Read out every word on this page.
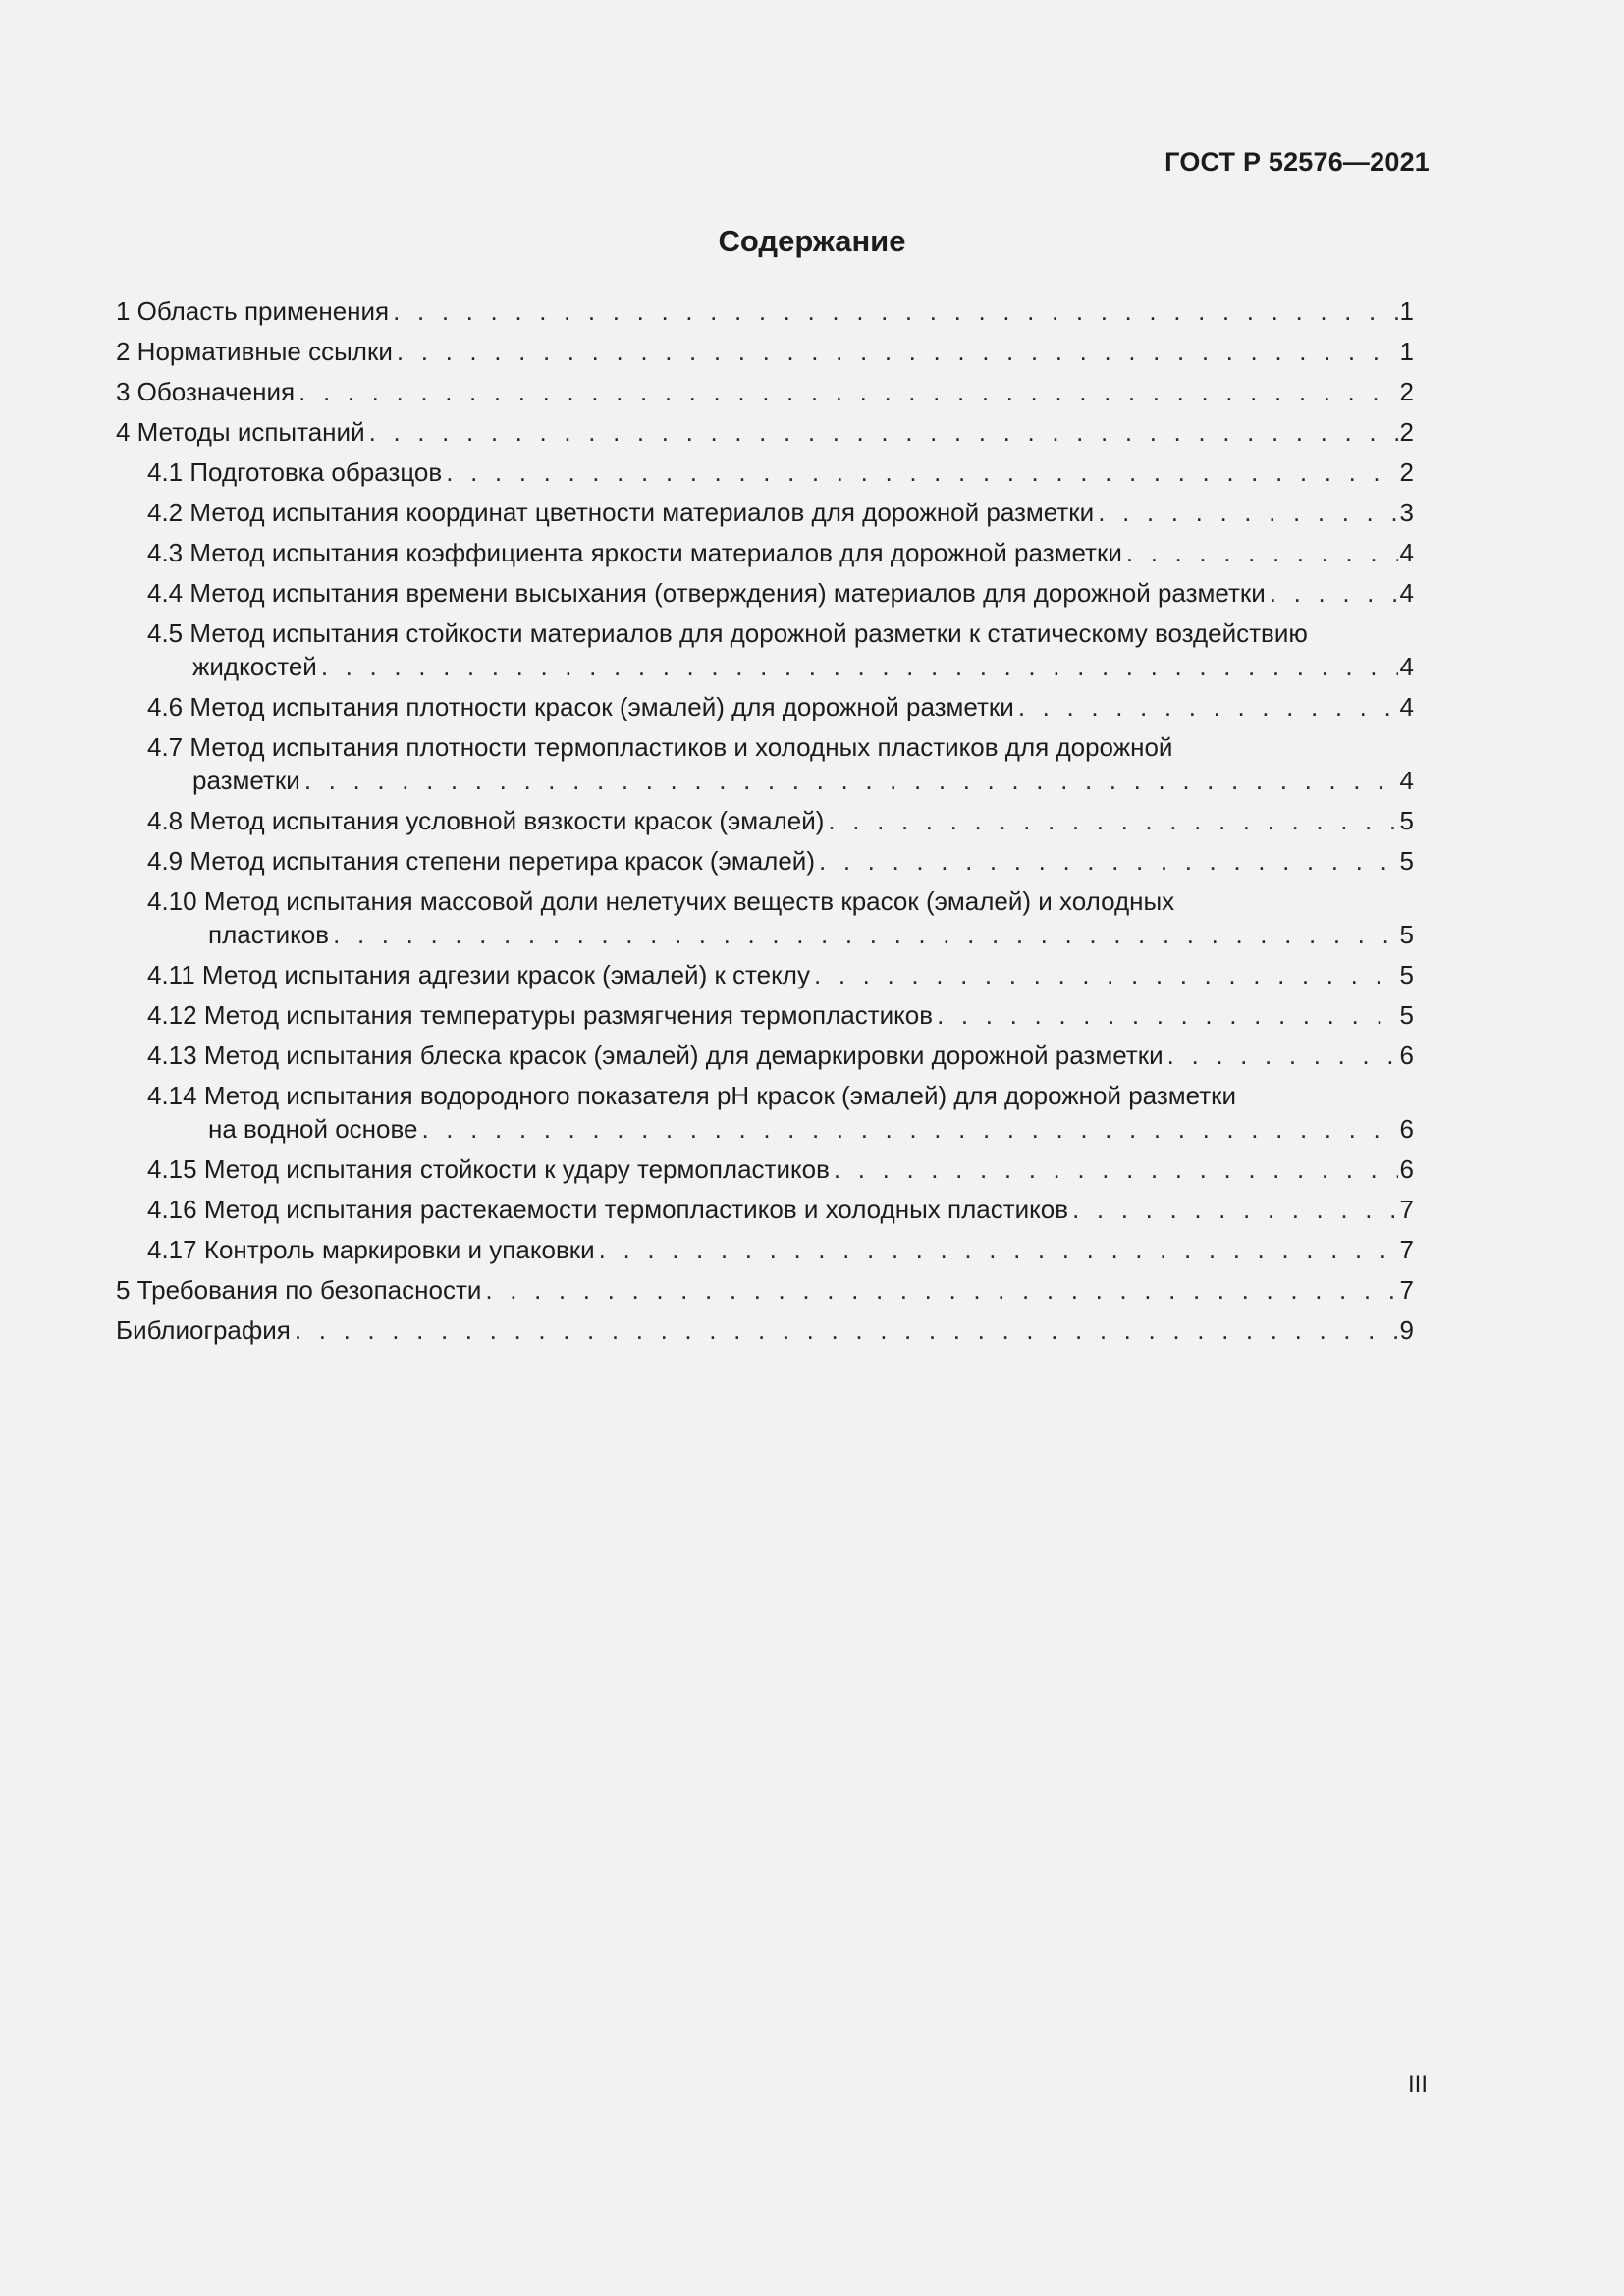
ГОСТ Р 52576—2021
Содержание
1 Область применения . . .	1
2 Нормативные ссылки . . .	1
3 Обозначения . . .	2
4 Методы испытаний . . .	2
4.1 Подготовка образцов . . .	2
4.2 Метод испытания координат цветности материалов для дорожной разметки . . .	3
4.3 Метод испытания коэффициента яркости материалов для дорожной разметки . . .	4
4.4 Метод испытания времени высыхания (отверждения) материалов для дорожной разметки . . .	4
4.5 Метод испытания стойкости материалов для дорожной разметки к статическому воздействию
жидкостей . . .	4
4.6 Метод испытания плотности красок (эмалей) для дорожной разметки . . .	4
4.7 Метод испытания плотности термопластиков и холодных пластиков для дорожной
разметки . . .	4
4.8 Метод испытания условной вязкости красок (эмалей) . . .	5
4.9 Метод испытания степени перетира красок (эмалей) . . .	5
4.10 Метод испытания массовой доли нелетучих веществ красок (эмалей) и холодных
пластиков . . .	5
4.11 Метод испытания адгезии красок (эмалей) к стеклу . . .	5
4.12 Метод испытания температуры размягчения термопластиков . . .	5
4.13 Метод испытания блеска красок (эмалей) для демаркировки дорожной разметки . . .	6
4.14 Метод испытания водородного показателя pH красок (эмалей) для дорожной разметки
на водной основе . . .	6
4.15 Метод испытания стойкости к удару термопластиков . . .	6
4.16 Метод испытания растекаемости термопластиков и холодных пластиков . . .	7
4.17 Контроль маркировки и упаковки . . .	7
5 Требования по безопасности . . .	7
Библиография . . .	9
III
